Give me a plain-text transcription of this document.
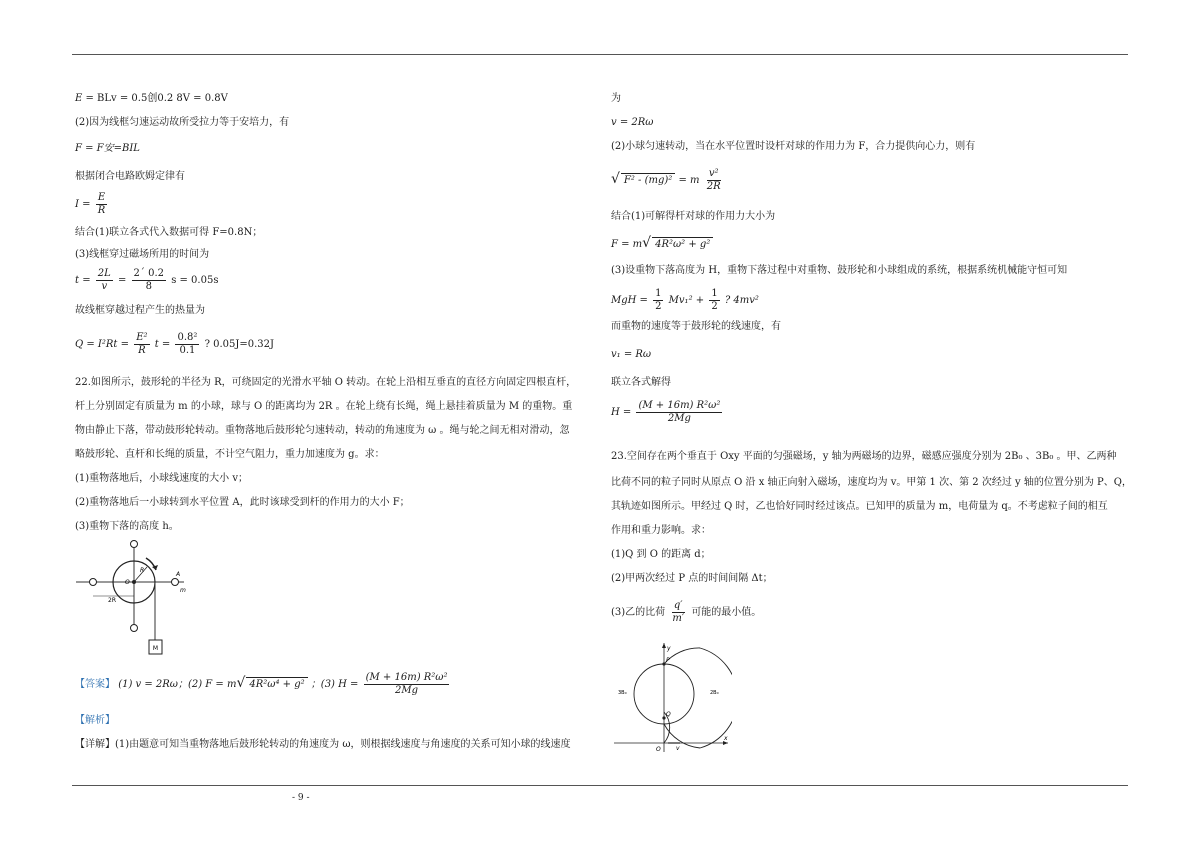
E = BLv = 0.5创0.2 8V = 0.8V
(2)因为线框匀速运动故所受拉力等于安培力，有
F = F安=BIL
根据闭合电路欧姆定律有
$I = \frac{E}{R}$
结合(1)联立各式代入数据可得 F=0.8N；
(3)线框穿过磁场所用的时间为
$t = \frac{2L}{v} = \frac{2´ 0.2}{8}$ s = 0.05s
故线框穿越过程产生的热量为
$Q = I^2Rt = \frac{\text{E²}}{R}$ $t = \frac{\text{0.8²}}{0.1}$ ? 0.05J=0.32J
22.如图所示，鼓形轮的半径为 R，可绕固定的光滑水平轴 O 转动。在轮上沿相互垂直的直径方向固定四根直杆，
杆上分别固定有质量为 m 的小球，球与 O 的距离均为 2R 。在轮上绕有长绳，绳上悬挂着质量为 M 的重物。重
物由静止下落，带动鼓形轮转动。重物落地后鼓形轮匀速转动，转动的角速度为 ω 。绳与轮之间无相对滑动，忽
略鼓形轮、直杆和长绳的质量，不计空气阻力，重力加速度为 g。求：
(1)重物落地后，小球线速度的大小 v；
(2)重物落地后一小球转到水平位置 A，此时该球受到杆的作用力的大小 F；
(3)重物下落的高度 h。
M
2R
O
R
A
m
【答案】 (1) v = 2Rω；(2) F = m√ 4R²ω⁴ + g² ；(3) $H = \frac{\text{(M + 16m) R²ω²}}{2Mg}$
【解析】
【详解】(1)由题意可知当重物落地后鼓形轮转动的角速度为 ω，则根据线速度与角速度的关系可知小球的线速度
为
v = 2Rω
(2)小球匀速转动，当在水平位置时设杆对球的作用力为 F，合力提供向心力，则有
√ F² - (mg)² = m $\frac{\text{v²}}{2R}$
结合(1)可解得杆对球的作用力大小为
F = m√ 4R²ω² + g²
(3)设重物下落高度为 H，重物下落过程中对重物、鼓形轮和小球组成的系统，根据系统机械能守恒可知
MgH = $\frac{1}{2} Mv_1^2 + \frac{1}{2}$ ? 4mv²
而重物的速度等于鼓形轮的线速度，有
v₁ = Rω
联立各式解得
$H = \frac{\text{(M + 16m) R²ω²}}{2Mg}$
23.空间存在两个垂直于 Oxy 平面的匀强磁场，y 轴为两磁场的边界，磁感应强度分别为 2B₀ 、3B₀ 。甲、乙两种
比荷不同的粒子同时从原点 O 沿 x 轴正向射入磁场，速度均为 v。甲第 1 次、第 2 次经过 y 轴的位置分别为 P、Q，
其轨迹如图所示。甲经过 Q 时，乙也恰好同时经过该点。已知甲的质量为 m，电荷量为 q。不考虑粒子间的相互
作用和重力影响。求：
(1)Q 到 O 的距离 d；
(2)甲两次经过 P 点的时间间隔 Δt；
(3)乙的比荷 $\frac{q'}{m'}$ 可能的最小值。
P
Q
O	v
y
x
3B₀	2B₀
- 9 -
